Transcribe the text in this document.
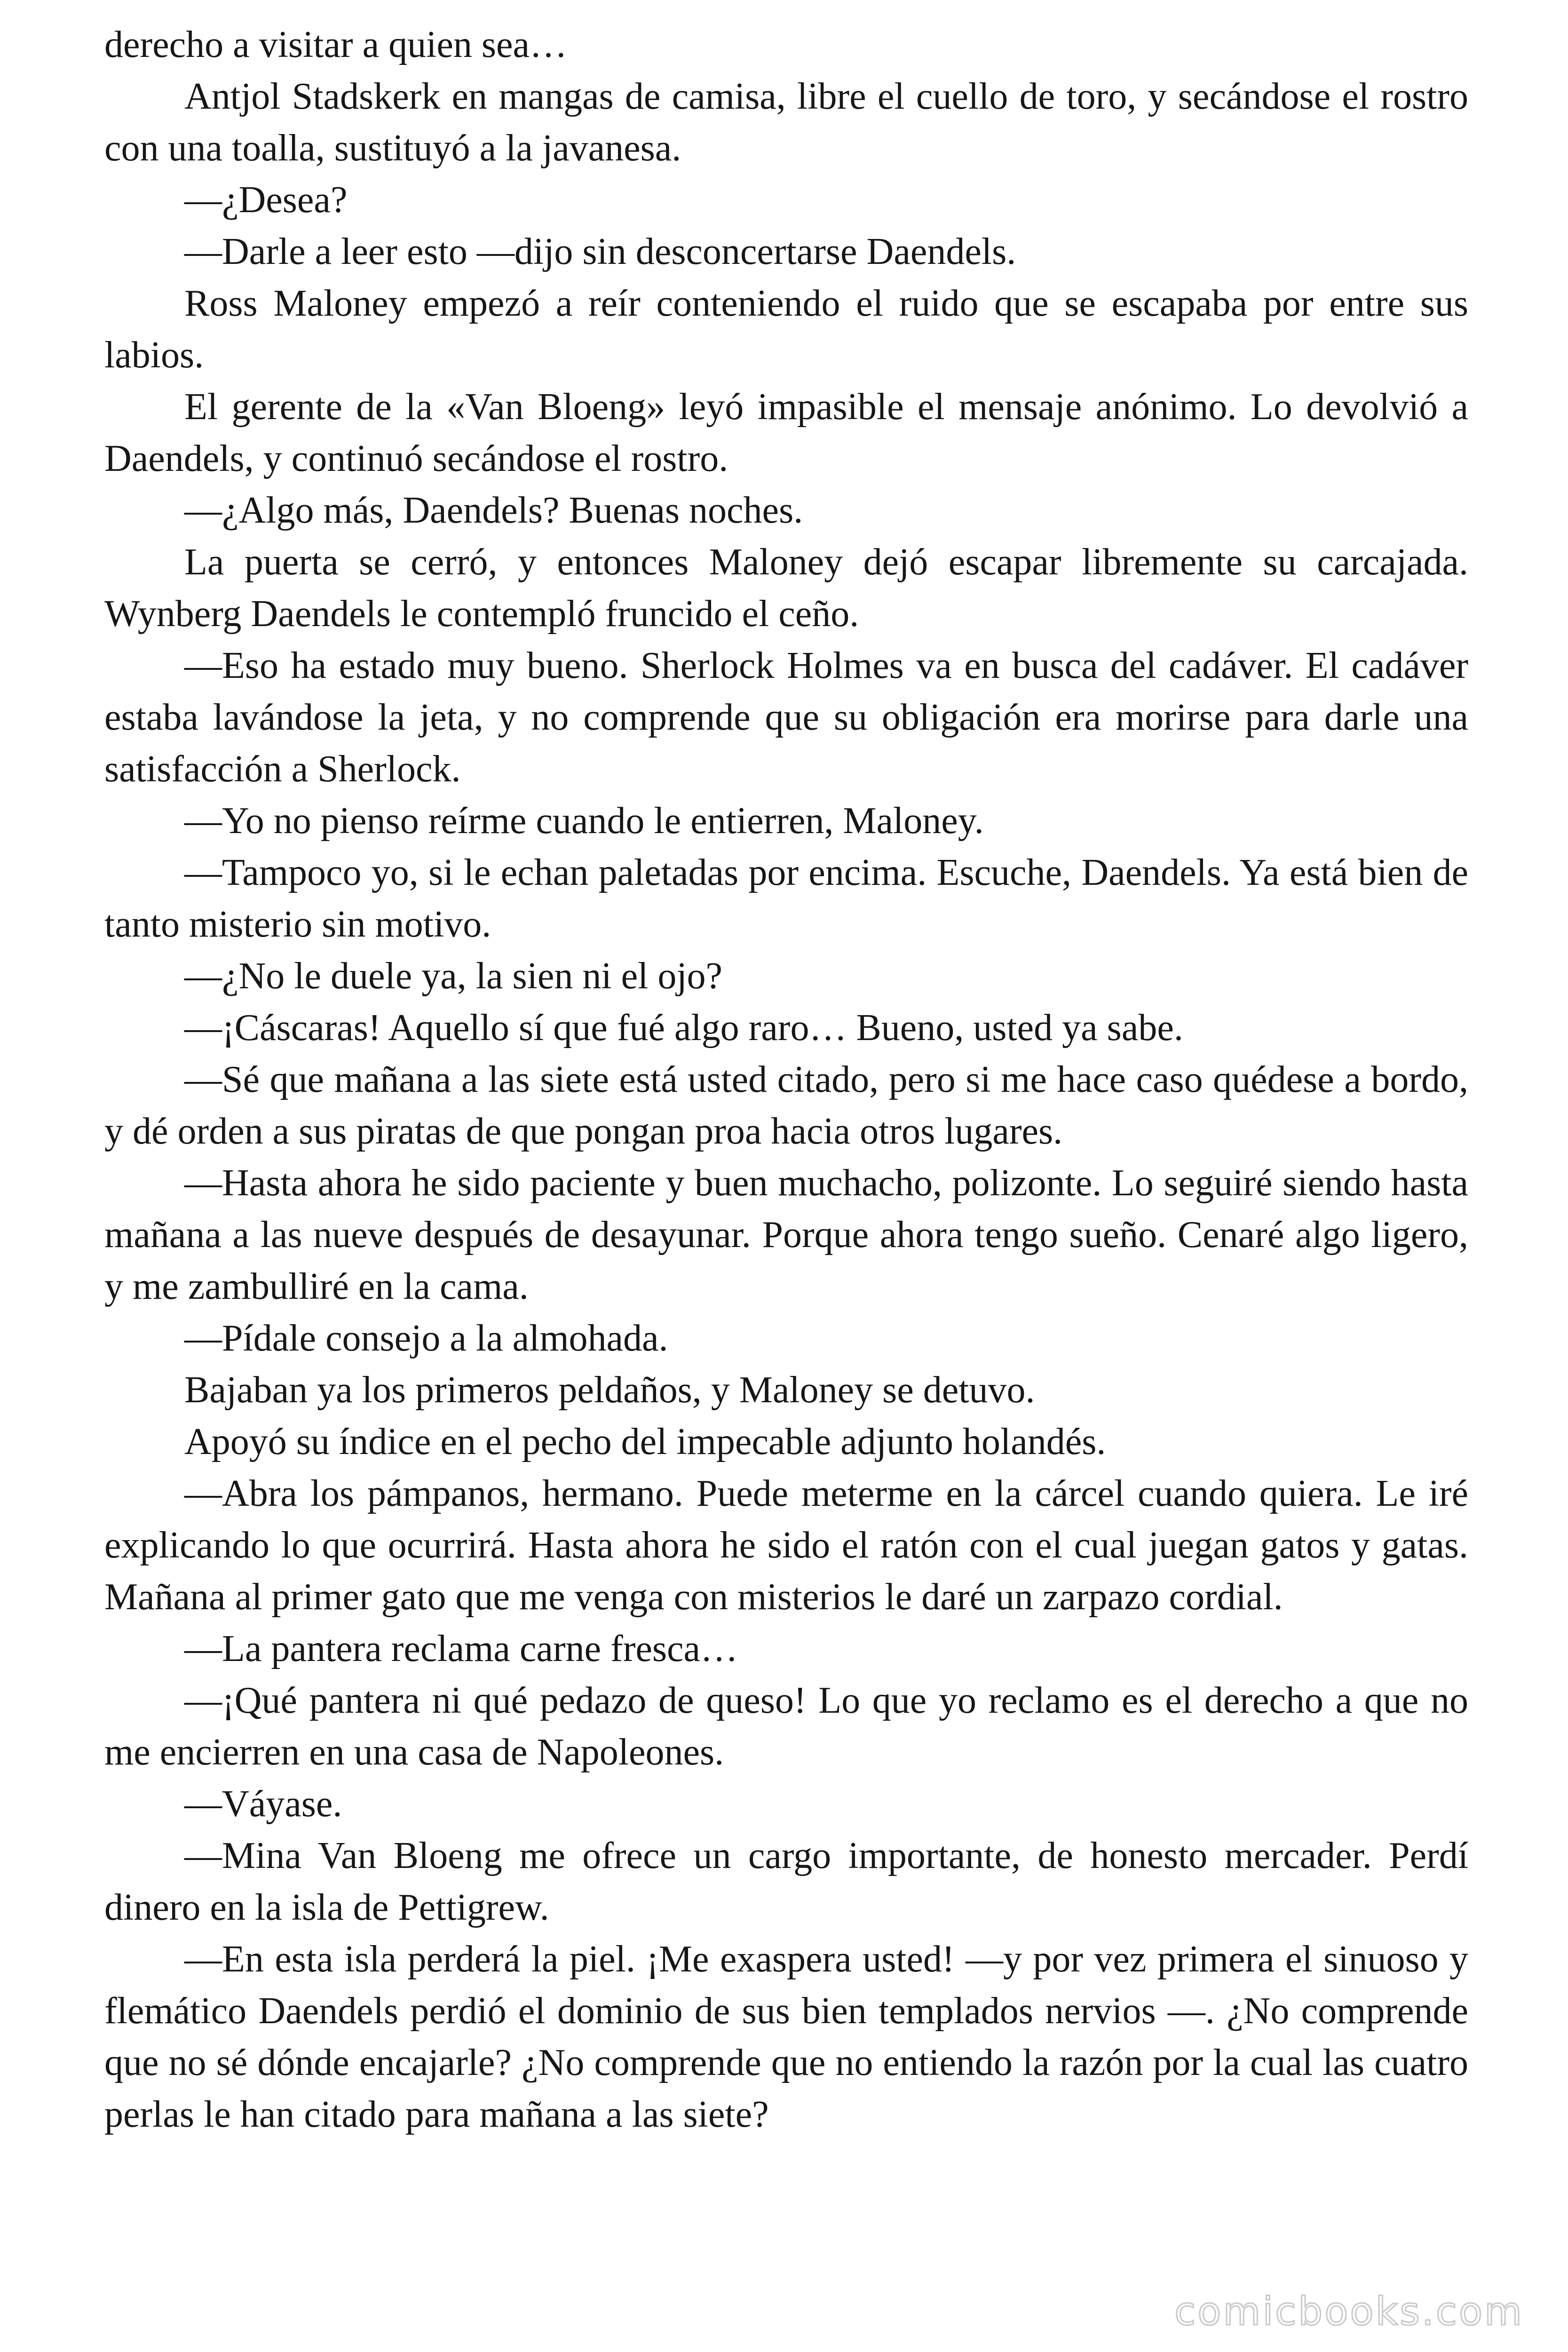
derecho a visitar a quien sea…

Antjol Stadskerk en mangas de camisa, libre el cuello de toro, y secándose el rostro con una toalla, sustituyó a la javanesa.

—¿Desea?

—Darle a leer esto —dijo sin desconcertarse Daendels.

Ross Maloney empezó a reír conteniendo el ruido que se escapaba por entre sus labios.

El gerente de la «Van Bloeng» leyó impasible el mensaje anónimo. Lo devolvió a Daendels, y continuó secándose el rostro.

—¿Algo más, Daendels? Buenas noches.

La puerta se cerró, y entonces Maloney dejó escapar libremente su carcajada. Wynberg Daendels le contempló fruncido el ceño.

—Eso ha estado muy bueno. Sherlock Holmes va en busca del cadáver. El cadáver estaba lavándose la jeta, y no comprende que su obligación era morirse para darle una satisfacción a Sherlock.

—Yo no pienso reírme cuando le entierren, Maloney.

—Tampoco yo, si le echan paletadas por encima. Escuche, Daendels. Ya está bien de tanto misterio sin motivo.

—¿No le duele ya, la sien ni el ojo?

—¡Cáscaras! Aquello sí que fué algo raro… Bueno, usted ya sabe.

—Sé que mañana a las siete está usted citado, pero si me hace caso quédese a bordo, y dé orden a sus piratas de que pongan proa hacia otros lugares.

—Hasta ahora he sido paciente y buen muchacho, polizonte. Lo seguiré siendo hasta mañana a las nueve después de desayunar. Porque ahora tengo sueño. Cenaré algo ligero, y me zambulliré en la cama.

—Pídale consejo a la almohada.

Bajaban ya los primeros peldaños, y Maloney se detuvo.

Apoyó su índice en el pecho del impecable adjunto holandés.

—Abra los pámpanos, hermano. Puede meterme en la cárcel cuando quiera. Le iré explicando lo que ocurrirá. Hasta ahora he sido el ratón con el cual juegan gatos y gatas. Mañana al primer gato que me venga con misterios le daré un zarpazo cordial.

—La pantera reclama carne fresca…

—¡Qué pantera ni qué pedazo de queso! Lo que yo reclamo es el derecho a que no me encierren en una casa de Napoleones.

—Váyase.

—Mina Van Bloeng me ofrece un cargo importante, de honesto mercader. Perdí dinero en la isla de Pettigrew.

—En esta isla perderá la piel. ¡Me exaspera usted! —y por vez primera el sinuoso y flemático Daendels perdió el dominio de sus bien templados nervios —. ¿No comprende que no sé dónde encajarle? ¿No comprende que no entiendo la razón por la cual las cuatro perlas le han citado para mañana a las siete?

comicbooks.com
